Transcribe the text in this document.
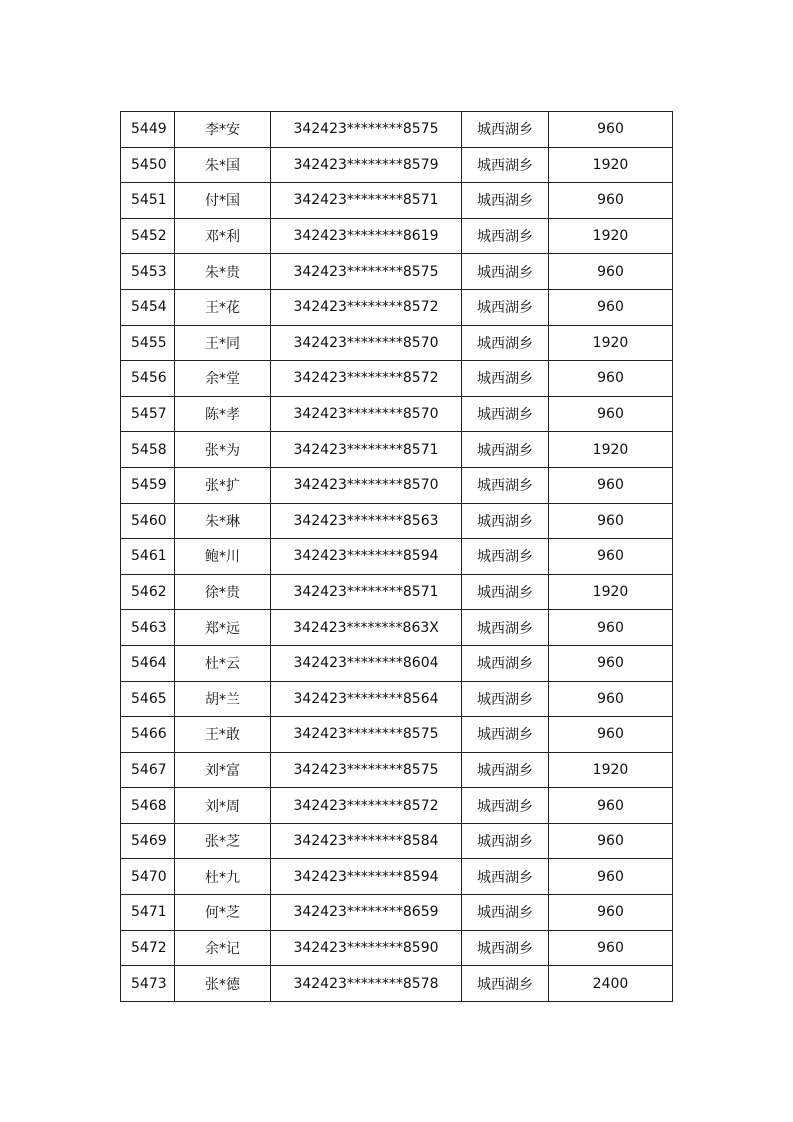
5449	李*安	342423********8575	城西湖乡	960
5450	朱*国	342423********8579	城西湖乡	1920
5451	付*国	342423********8571	城西湖乡	960
5452	邓*利	342423********8619	城西湖乡	1920
5453	朱*贵	342423********8575	城西湖乡	960
5454	王*花	342423********8572	城西湖乡	960
5455	王*同	342423********8570	城西湖乡	1920
5456	余*堂	342423********8572	城西湖乡	960
5457	陈*孝	342423********8570	城西湖乡	960
5458	张*为	342423********8571	城西湖乡	1920
5459	张*扩	342423********8570	城西湖乡	960
5460	朱*琳	342423********8563	城西湖乡	960
5461	鲍*川	342423********8594	城西湖乡	960
5462	徐*贵	342423********8571	城西湖乡	1920
5463	郑*远	342423********863X	城西湖乡	960
5464	杜*云	342423********8604	城西湖乡	960
5465	胡*兰	342423********8564	城西湖乡	960
5466	王*敢	342423********8575	城西湖乡	960
5467	刘*富	342423********8575	城西湖乡	1920
5468	刘*周	342423********8572	城西湖乡	960
5469	张*芝	342423********8584	城西湖乡	960
5470	杜*九	342423********8594	城西湖乡	960
5471	何*芝	342423********8659	城西湖乡	960
5472	余*记	342423********8590	城西湖乡	960
5473	张*德	342423********8578	城西湖乡	2400
